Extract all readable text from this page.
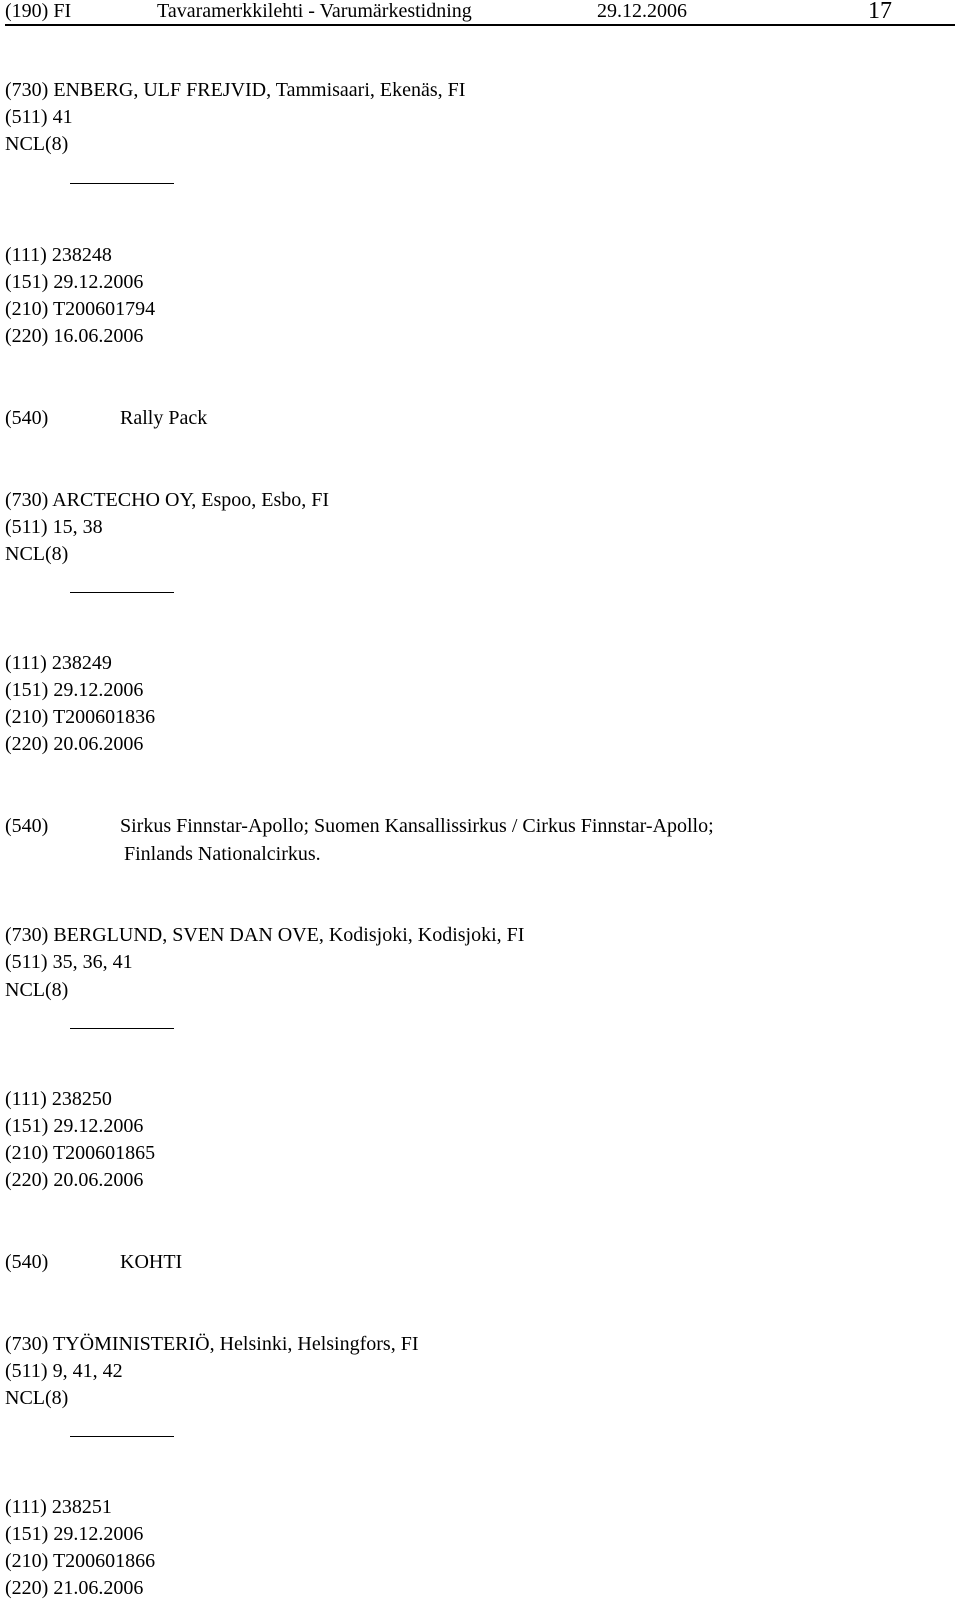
(190) FI	Tavaramerkkilehti - Varumärkestidning	29.12.2006	17
(730) ENBERG, ULF FREJVID, Tammisaari, Ekenäs, FI
(511) 41
NCL(8)
(111) 238248
(151) 29.12.2006
(210) T200601794
(220) 16.06.2006
(540)	Rally Pack
(730) ARCTECHO OY, Espoo, Esbo, FI
(511) 15, 38
NCL(8)
(111) 238249
(151) 29.12.2006
(210) T200601836
(220) 20.06.2006
(540)	Sirkus Finnstar-Apollo; Suomen Kansallissirkus / Cirkus Finnstar-Apollo;
Finlands Nationalcirkus.
(730) BERGLUND, SVEN DAN OVE, Kodisjoki, Kodisjoki, FI
(511) 35, 36, 41
NCL(8)
(111) 238250
(151) 29.12.2006
(210) T200601865
(220) 20.06.2006
(540)	KOHTI
(730) TYÖMINISTERIÖ, Helsinki, Helsingfors, FI
(511) 9, 41, 42
NCL(8)
(111) 238251
(151) 29.12.2006
(210) T200601866
(220) 21.06.2006
